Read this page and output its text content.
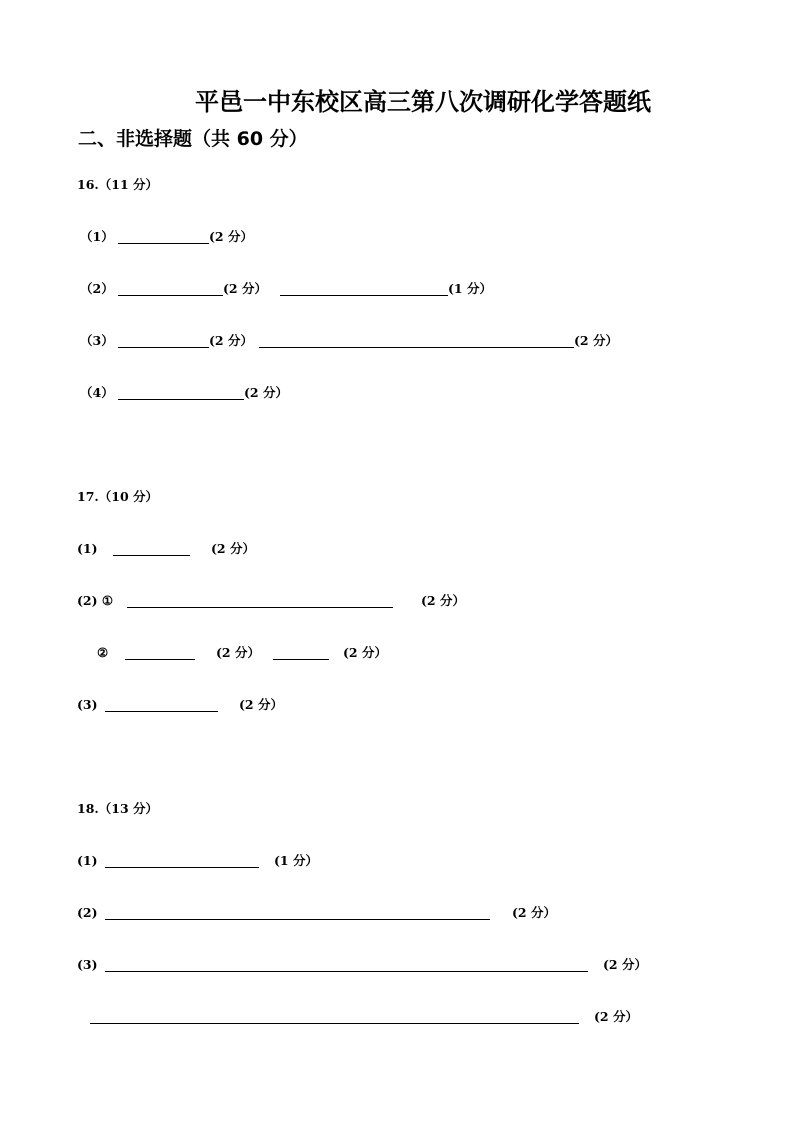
平邑一中东校区高三第八次调研化学答题纸
二、非选择题（共 60 分）
16.（11 分）
（1）	(2 分）
（2）	(2 分）	(1 分）
（3）	(2 分）	(2 分）
（4）	(2 分）
17.（10 分）
(1)	(2 分）
(2) ①	(2 分）
②	(2 分）	(2 分）
(3)	(2 分）
18.（13 分）
(1)	(1 分）
(2)	(2 分）
(3)	(2 分）
(2 分）
